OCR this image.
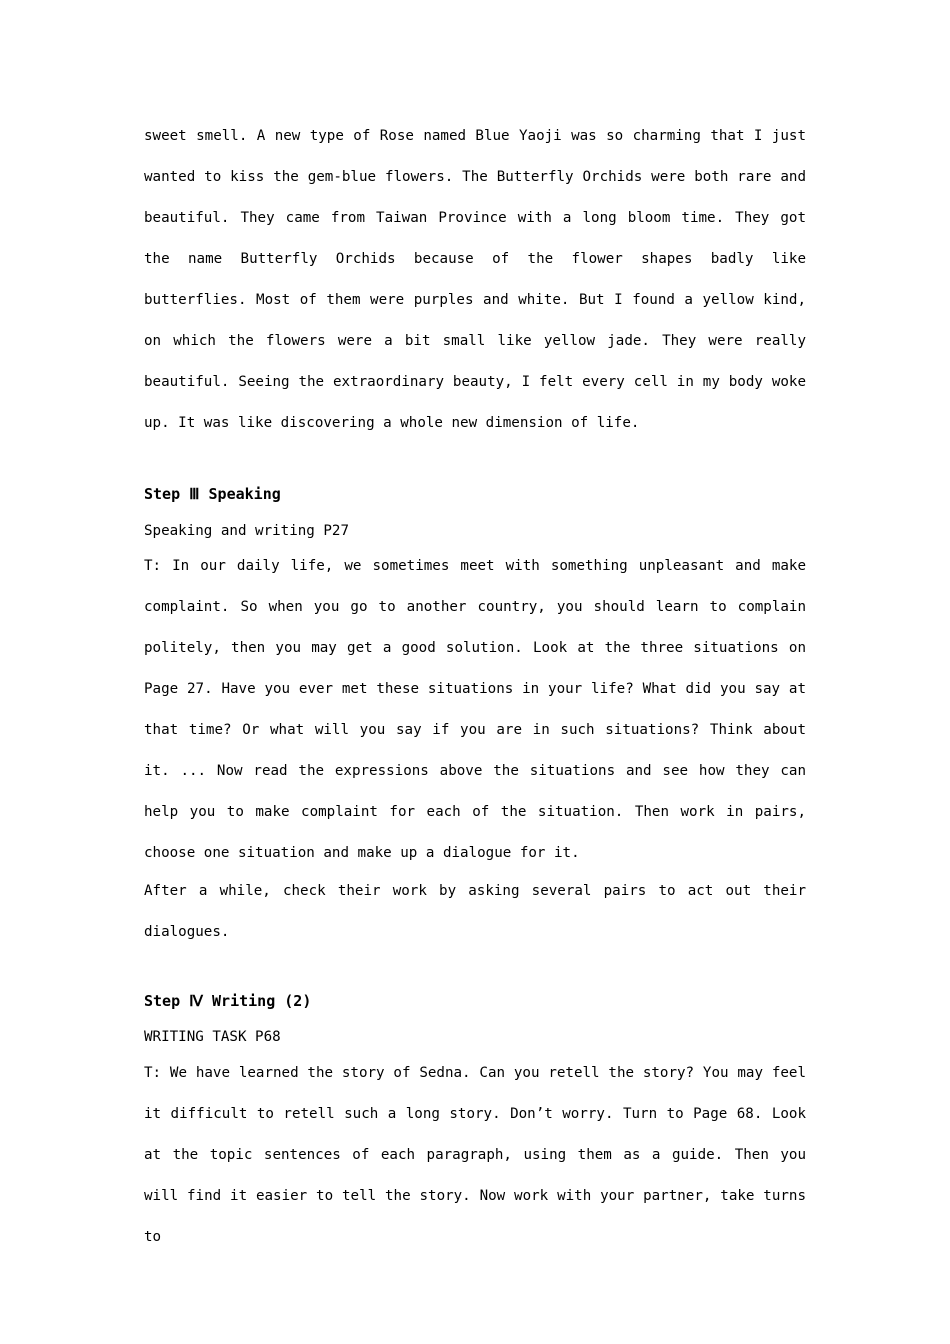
sweet smell. A new type of Rose named Blue Yaoji was so charming that I just wanted to kiss the gem-blue flowers. The Butterfly Orchids were both rare and beautiful. They came from Taiwan Province with a long bloom time. They got the name Butterfly Orchids because of the flower shapes badly like butterflies. Most of them were purples and white. But I found a yellow kind, on which the flowers were a bit small like yellow jade. They were really beautiful. Seeing the extraordinary beauty, I felt every cell in my body woke up. It was like discovering a whole new dimension of life.

Step Ⅲ Speaking

Speaking and writing P27

T: In our daily life, we sometimes meet with something unpleasant and make complaint. So when you go to another country, you should learn to complain politely, then you may get a good solution. Look at the three situations on Page 27. Have you ever met these situations in your life? What did you say at that time? Or what will you say if you are in such situations? Think about it. ... Now read the expressions above the situations and see how they can help you to make complaint for each of the situation. Then work in pairs, choose one situation and make up a dialogue for it.

After a while, check their work by asking several pairs to act out their dialogues.

Step Ⅳ Writing (2)

WRITING TASK P68

T: We have learned the story of Sedna. Can you retell the story? You may feel it difficult to retell such a long story. Don’t worry. Turn to Page 68. Look at the topic sentences of each paragraph, using them as a guide. Then you will find it easier to tell the story. Now work with your partner, take turns to
